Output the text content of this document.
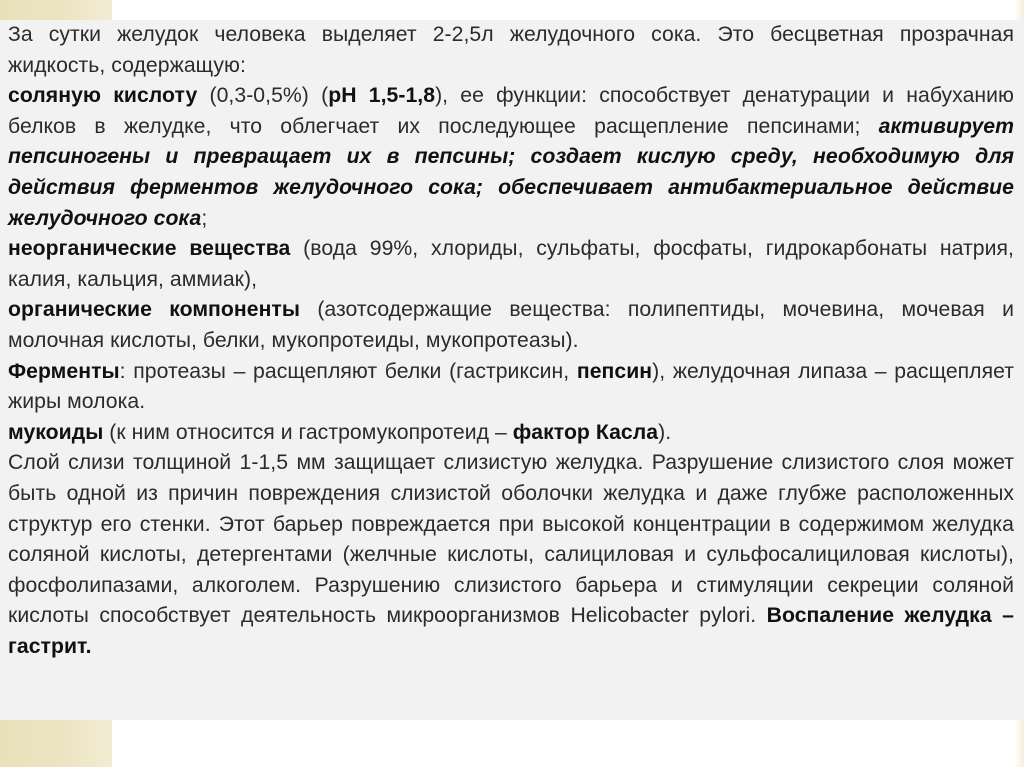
За сутки желудок человека выделяет 2-2,5л желудочного сока. Это бесцветная прозрачная жидкость, содержащую:

соляную кислоту (0,3-0,5%) (pH 1,5-1,8), ее функции: способствует денатурации и набуханию белков в желудке, что облегчает их последующее расщепление пепсинами; активирует пепсиногены и превращает их в пепсины; создает кислую среду, необходимую для действия ферментов желудочного сока; обеспечивает антибактериальное действие желудочного сока;

неорганические вещества (вода 99%, хлориды, сульфаты, фосфаты, гидрокарбонаты натрия, калия, кальция, аммиак),

органические компоненты (азотсодержащие вещества: полипептиды, мочевина, мочевая и молочная кислоты, белки, мукопротеиды, мукопротеазы).

Ферменты: протеазы – расщепляют белки (гастриксин, пепсин), желудочная липаза – расщепляет жиры молока.

мукоиды (к ним относится и гастромукопротеид – фактор Касла).

Слой слизи толщиной 1-1,5 мм защищает слизистую желудка. Разрушение слизистого слоя может быть одной из причин повреждения слизистой оболочки желудка и даже глубже расположенных структур его стенки. Этот барьер повреждается при высокой концентрации в содержимом желудка соляной кислоты, детергентами (желчные кислоты, салициловая и сульфосалициловая кислоты), фосфолипазами, алкоголем. Разрушению слизистого барьера и стимуляции секреции соляной кислоты способствует деятельность микроорганизмов Helicobacter pylori. Воспаление желудка – гастрит.
